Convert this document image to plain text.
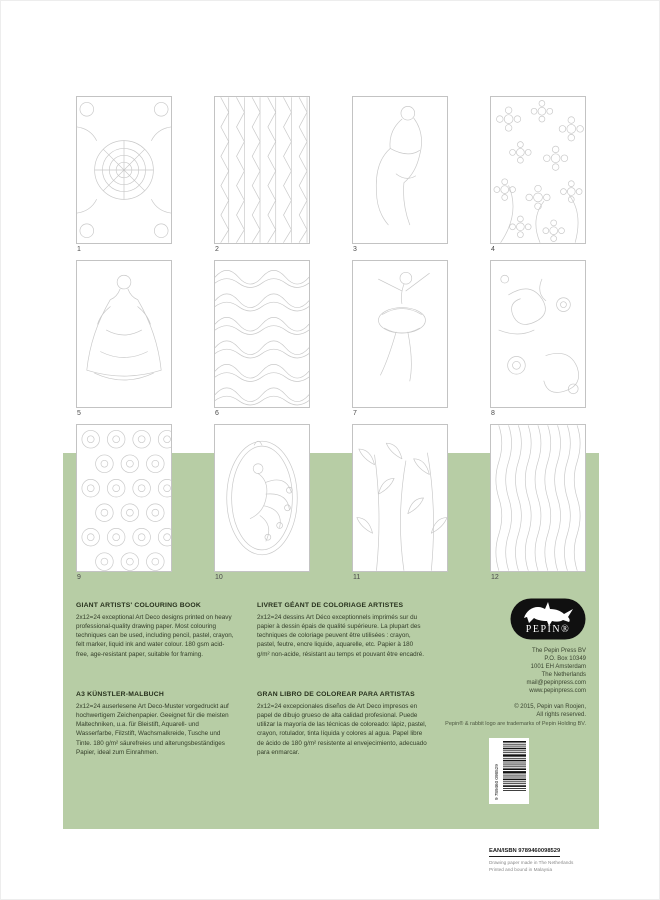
1	2	3	4
5	6	7	8
9	10	11	12
GIANT ARTISTS' COLOURING BOOK	LIVRET GÉANT DE COLORIAGE ARTISTES
2x12=24 exceptional Art Deco designs printed on heavy professional-quality drawing paper. Most colouring techniques can be used, including pencil, pastel, crayon, felt marker, liquid ink and water colour. 180 gsm acid-free, age-resistant paper, suitable for framing.
2x12=24 dessins Art Déco exceptionnels imprimés sur du papier à dessin épais de qualité supérieure. La plupart des techniques de coloriage peuvent être utilisées : crayon, pastel, feutre, encre liquide, aquarelle, etc. Papier à 180 g/m² non-acide, résistant au temps et pouvant être encadré.
A3 KÜNSTLER-MALBUCH	GRAN LIBRO DE COLOREAR PARA ARTISTAS
2x12=24 auserlesene Art Deco-Muster vorgedruckt auf hochwertigem Zeichenpapier. Geeignet für die meisten Maltechniken, u.a. für Bleistift, Aquarell- und Wasserfarbe, Filzstift, Wachsmalkreide, Tusche und Tinte. 180 g/m² säurefreies und alterungsbeständiges Papier, ideal zum Einrahmen.
2x12=24 excepcionales diseños de Art Deco impresos en papel de dibujo grueso de alta calidad profesional. Puede utilizar la mayoría de las técnicas de coloreado: lápiz, pastel, crayon, rotulador, tinta líquida y colores al agua. Papel libre de ácido de 180 g/m² resistente al envejecimiento, adecuado para enmarcar.
PEPIN®
The Pepin Press BV
P.O. Box 10349
1001 EH Amsterdam
The Netherlands
mail@pepinpress.com
www.pepinpress.com
© 2015, Pepin van Roojen,
All rights reserved.
Pepin® & rabbit logo are trademarks of Pepin Holding BV.
9 789460 098529
EAN/ISBN 9789460098529
Drawing paper made in The Netherlands
Printed and bound in Malaysia
